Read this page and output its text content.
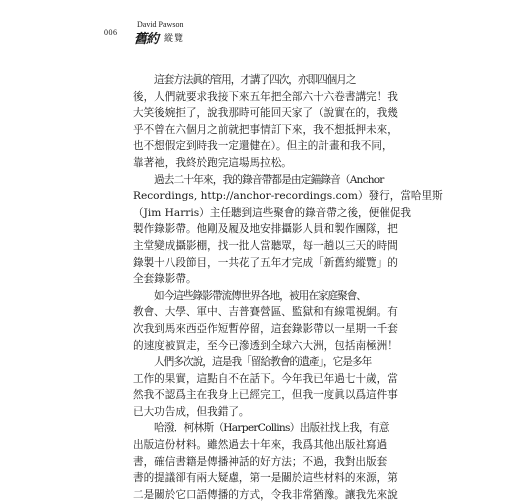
006 舊約 縱覽
David Pawson
這套方法眞的管用，才講了四次，亦即四個月之
後，人們就要求我接下來五年把全部六十六卷書講完！我
大笑後婉拒了，說我那時可能回天家了（說實在的，我幾
乎不曾在六個月之前就把事情訂下來，我不想抵押未來，
也不想假定到時我一定還健在）。但主的計畫和我不同，
靠著祂，我終於跑完這場馬拉松。
過去二十年來，我的錄音帶都是由定錨錄音（Anchor
Recordings, http://anchor-recordings.com）發行，當哈里斯
（Jim Harris）主任聽到這些聚會的錄音帶之後，便催促我
製作錄影帶。他剛及履及地安排攝影人員和製作團隊，把
主堂變成攝影棚，找一批人當聽眾，每一趟以三天的時間
錄製十八段節目，一共花了五年才完成「新舊約縱覽」的
全套錄影帶。
如今這些錄影帶流傳世界各地，被用在家庭聚會、
教會、大學、軍中、吉普賽營區、監獄和有線電視網。有
次我到馬來西亞作短暫停留，這套錄影帶以一星期一千套
的速度被買走，至今已滲透到全球六大洲，包括南極洲！
人們多次說，這是我「留給教會的遺產」，它是多年
工作的果實，這點自不在話下。今年我已年過七十歲，當
然我不認爲主在我身上已經完工，但我一度眞以爲這件事
已大功告成，但我錯了。
哈潑．柯林斯（HarperCollins）出版社找上我，有意
出版這份材料。雖然過去十年來，我爲其他出版社寫過
書，確信書籍是傳播神話的好方法；不過，我對出版套
書的提議卻有兩大疑慮，第一是關於這些材料的來源，第
二是關於它口語傳播的方式，令我非常猶豫。讓我先來說
